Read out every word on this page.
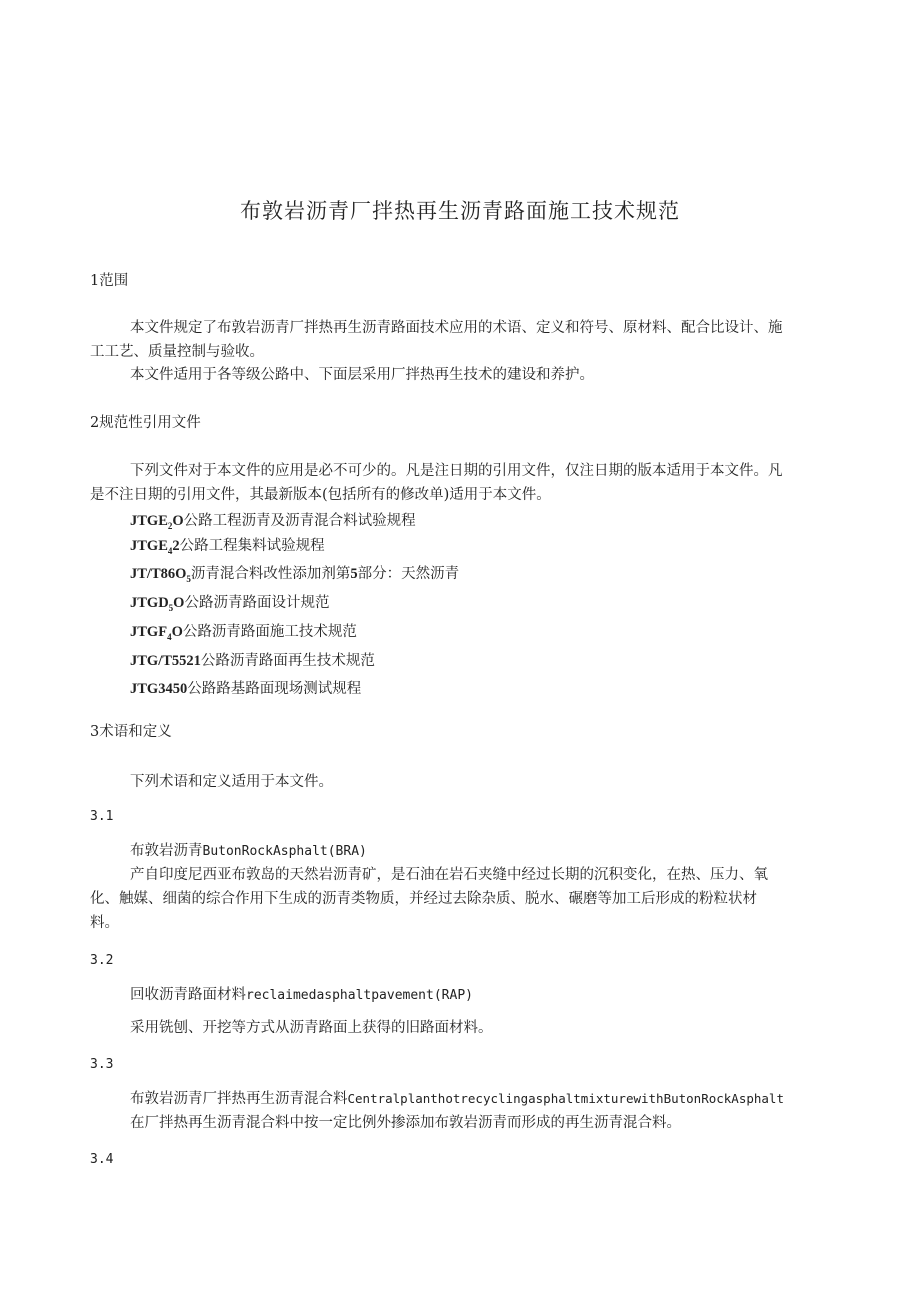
布敦岩沥青厂拌热再生沥青路面施工技术规范
1范围
本文件规定了布敦岩沥青厂拌热再生沥青路面技术应用的术语、定义和符号、原材料、配合比设计、施
工工艺、质量控制与验收。
本文件适用于各等级公路中、下面层采用厂拌热再生技术的建设和养护。
2规范性引用文件
下列文件对于本文件的应用是必不可少的。凡是注日期的引用文件，仅注日期的版本适用于本文件。凡
是不注日期的引用文件，其最新版本(包括所有的修改单)适用于本文件。
$JTGE_2O$公路工程沥青及沥青混合料试验规程
$JTGE_42$公路工程集料试验规程
$JT/T86O_5$沥青混合料改性添加剂第5部分：天然沥青
$JTGD_5O$公路沥青路面设计规范
$JTGF_4O$公路沥青路面施工技术规范
JTG/T5521公路沥青路面再生技术规范
JTG3450公路路基路面现场测试规程
3术语和定义
下列术语和定义适用于本文件。
3.1
布敦岩沥青ButonRockAsphalt(BRA)
产自印度尼西亚布敦岛的天然岩沥青矿，是石油在岩石夹缝中经过长期的沉积变化，在热、压力、氧
化、触媒、细菌的综合作用下生成的沥青类物质，并经过去除杂质、脱水、碾磨等加工后形成的粉粒状材
料。
3.2
回收沥青路面材料reclaimedasphaltpavement(RAP)
采用铣刨、开挖等方式从沥青路面上获得的旧路面材料。
3.3
布敦岩沥青厂拌热再生沥青混合料CentralplanthotrecyclingasphaltmixturewithButonRockAsphalt
在厂拌热再生沥青混合料中按一定比例外掺添加布敦岩沥青而形成的再生沥青混合料。
3.4
